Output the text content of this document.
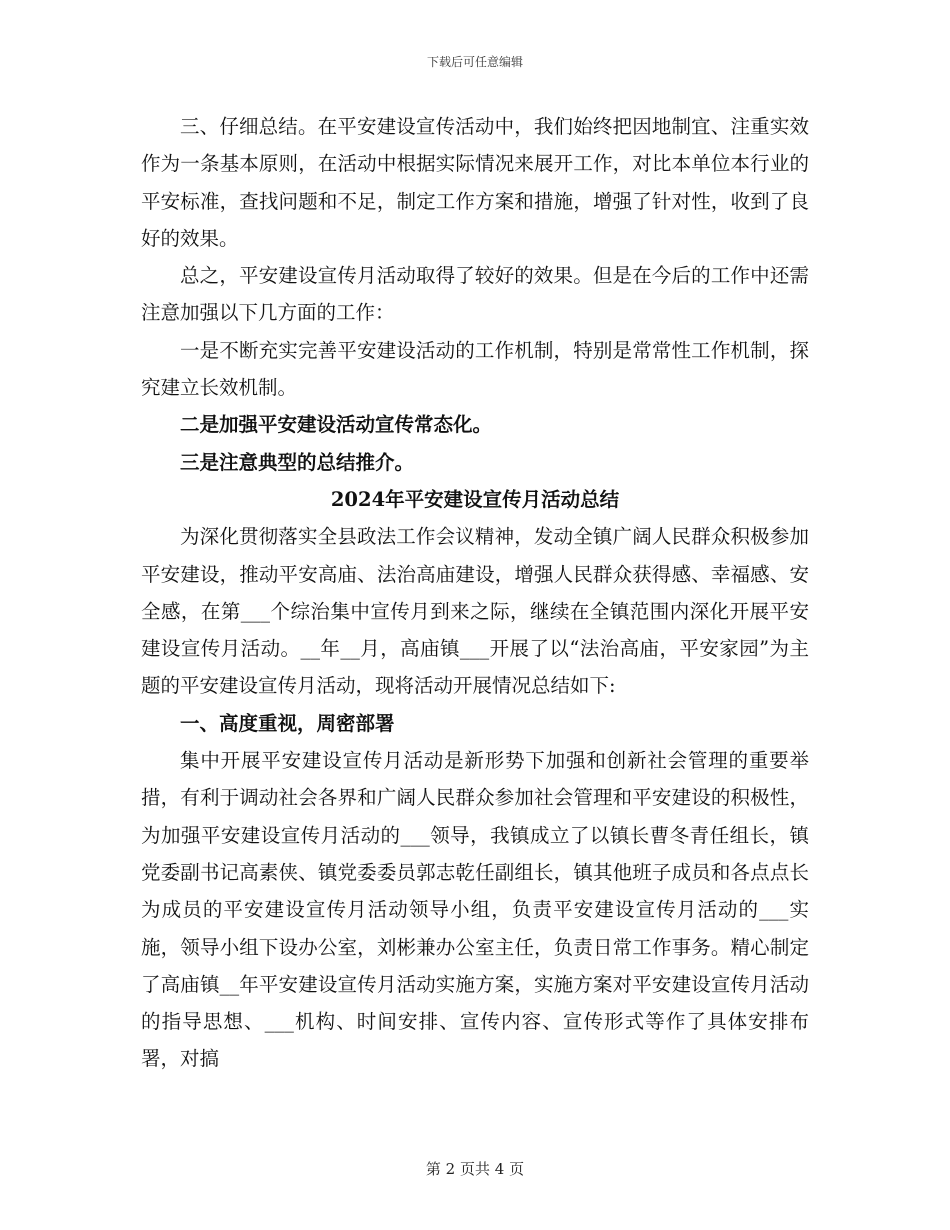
下载后可任意编辑

三、仔细总结。在平安建设宣传活动中，我们始终把因地制宜、注重实效作为一条基本原则，在活动中根据实际情况来展开工作，对比本单位本行业的平安标准，查找问题和不足，制定工作方案和措施，增强了针对性，收到了良好的效果。

总之，平安建设宣传月活动取得了较好的效果。但是在今后的工作中还需注意加强以下几方面的工作：

一是不断充实完善平安建设活动的工作机制，特别是常常性工作机制，探究建立长效机制。

二是加强平安建设活动宣传常态化。

三是注意典型的总结推介。

2024年平安建设宣传月活动总结

为深化贯彻落实全县政法工作会议精神，发动全镇广阔人民群众积极参加平安建设，推动平安高庙、法治高庙建设，增强人民群众获得感、幸福感、安全感，在第___个综治集中宣传月到来之际，继续在全镇范围内深化开展平安建设宣传月活动。__年__月，高庙镇___开展了以“法治高庙，平安家园”为主题的平安建设宣传月活动，现将活动开展情况总结如下:

一、高度重视，周密部署

集中开展平安建设宣传月活动是新形势下加强和创新社会管理的重要举措，有利于调动社会各界和广阔人民群众参加社会管理和平安建设的积极性，为加强平安建设宣传月活动的___领导，我镇成立了以镇长曹冬青任组长，镇党委副书记高素侠、镇党委委员郭志乾任副组长，镇其他班子成员和各点点长为成员的平安建设宣传月活动领导小组，负责平安建设宣传月活动的___实施，领导小组下设办公室，刘彬兼办公室主任，负责日常工作事务。精心制定了高庙镇__年平安建设宣传月活动实施方案，实施方案对平安建设宣传月活动的指导思想、___机构、时间安排、宣传内容、宣传形式等作了具体安排布署，对搞

第 2 页共 4 页
